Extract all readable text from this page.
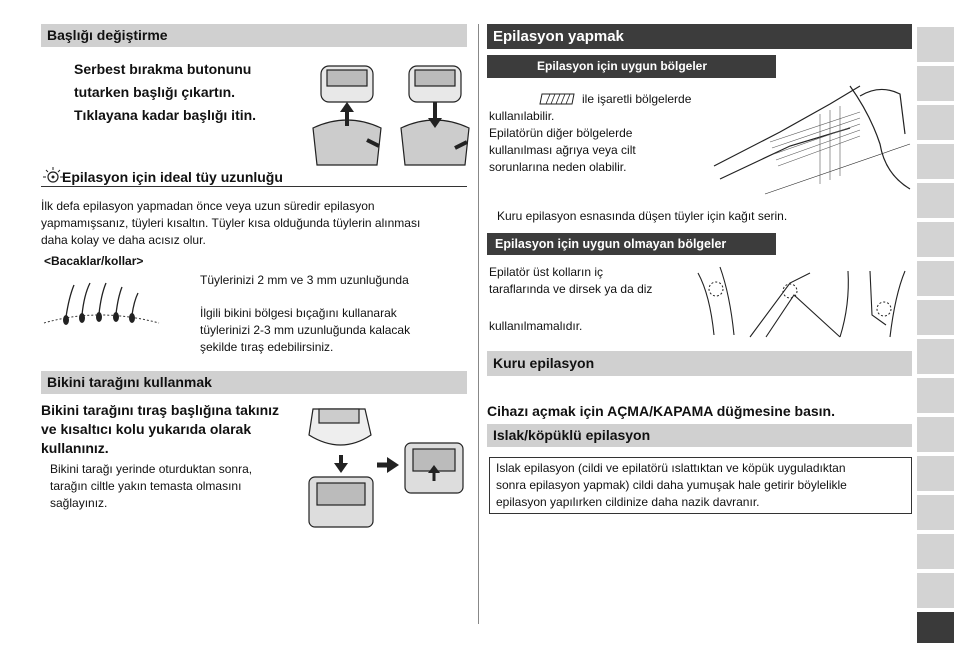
Başlığı değiştirme
Serbest bırakma butonunu
tutarken başlığı çıkartın.
Tıklayana kadar başlığı itin.
Epilasyon için ideal tüy uzunluğu
İlk defa epilasyon yapmadan önce veya uzun süredir epilasyon
yapmamışsanız, tüyleri kısaltın. Tüyler kısa olduğunda tüylerin alınması
daha kolay ve daha acısız olur.
<Bacaklar/kollar>
Tüylerinizi 2 mm ve 3 mm uzunluğunda
İlgili bikini bölgesi bıçağını kullanarak
tüylerinizi 2-3 mm uzunluğunda kalacak
şekilde tıraş edebilirsiniz.
Bikini tarağını kullanmak
Bikini tarağını tıraş başlığına takınız
ve kısaltıcı kolu yukarıda olarak
kullanınız.
Bikini tarağı yerinde oturduktan sonra,
tarağın ciltle yakın temasta olmasını
sağlayınız.
Epilasyon yapmak
Epilasyon için uygun bölgeler
ile işaretli bölgelerde
kullanılabilir.
Epilatörün diğer bölgelerde
kullanılması ağrıya veya cilt
sorunlarına neden olabilir.
Kuru epilasyon esnasında düşen tüyler için kağıt serin.
Epilasyon için uygun olmayan bölgeler
Epilatör üst kolların iç
taraflarında ve dirsek ya da diz
kullanılmamalıdır.
Kuru epilasyon
Cihazı açmak için AÇMA/KAPAMA düğmesine basın.
Islak/köpüklü epilasyon
Islak epilasyon (cildi ve epilatörü ıslattıktan ve köpük uyguladıktan
sonra epilasyon yapmak) cildi daha yumuşak hale getirir böylelikle
epilasyon yapılırken cildinize daha nazik davranır.
